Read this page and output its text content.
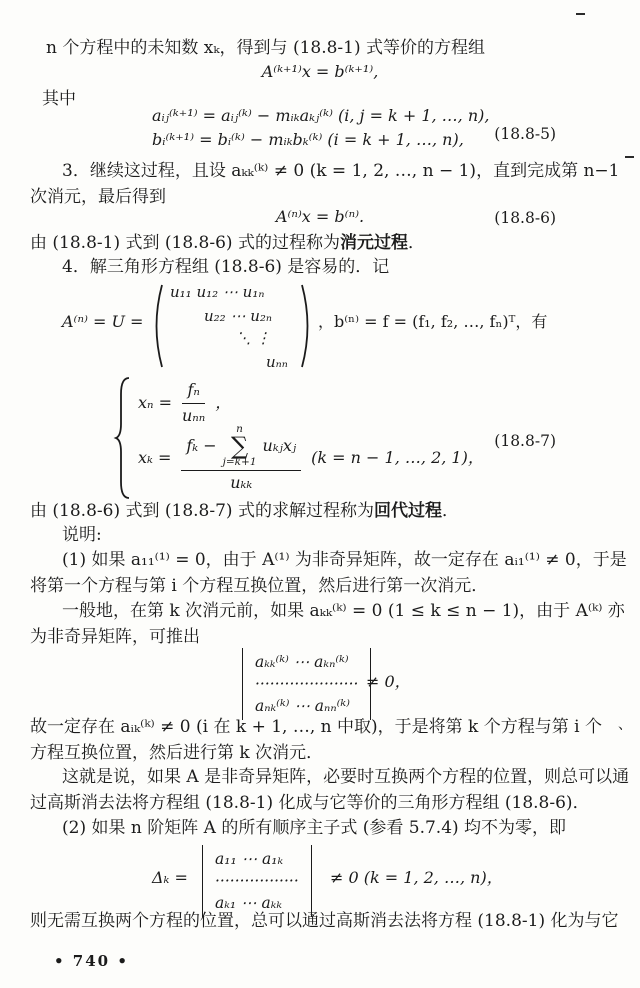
n 个方程中的未知数 xₖ，得到与 (18.8-1) 式等价的方程组
A⁽ᵏ⁺¹⁾x = b⁽ᵏ⁺¹⁾,
其中
aᵢⱼ⁽ᵏ⁺¹⁾ = aᵢⱼ⁽ᵏ⁾ − mᵢₖaₖⱼ⁽ᵏ⁾ (i, j = k + 1, …, n),
bᵢ⁽ᵏ⁺¹⁾ = bᵢ⁽ᵏ⁾ − mᵢₖbₖ⁽ᵏ⁾ (i = k + 1, …, n), (18.8-5)
3．继续这过程，且设 aₖₖ⁽ᵏ⁾ ≠ 0 (k = 1, 2, …, n − 1)，直到完成第 n−1
次消元，最后得到
A⁽ⁿ⁾x = b⁽ⁿ⁾.	(18.8-6)
由 (18.8-1) 式到 (18.8-6) 式的过程称为消元过程．
4．解三角形方程组 (18.8-6) 是容易的．记
A⁽ⁿ⁾ = U =
u₁₁ u₁₂ ⋯ u₁ₙ
u₂₂ ⋯ u₂ₙ
⋱ ⋮
uₙₙ
，b⁽ⁿ⁾ = f = (f₁, f₂, …, fₙ)ᵀ，有
$x_n = \frac{\text{fₙ}}{\text{uₙₙ}}$ ，
xₖ =
fₖ −
n
∑
j=k+1
uₖⱼxⱼ
uₖₖ
(k = n − 1, …, 2, 1)，
(18.8-7)
由 (18.8-6) 式到 (18.8-7) 式的求解过程称为回代过程．
说明:
(1) 如果 a₁₁⁽¹⁾ = 0，由于 A⁽¹⁾ 为非奇异矩阵，故一定存在 aᵢ₁⁽¹⁾ ≠ 0，于是
将第一个方程与第 i 个方程互换位置，然后进行第一次消元．
一般地，在第 k 次消元前，如果 aₖₖ⁽ᵏ⁾ = 0 (1 ≤ k ≤ n − 1)，由于 A⁽ᵏ⁾ 亦
为非奇异矩阵，可推出
aₖₖ⁽ᵏ⁾ ⋯ aₖₙ⁽ᵏ⁾
·····················
aₙₖ⁽ᵏ⁾ ⋯ aₙₙ⁽ᵏ⁾
≠ 0，
故一定存在 aᵢₖ⁽ᵏ⁾ ≠ 0 (i 在 k + 1, …, n 中取)，于是将第 k 个方程与第 i 个
方程互换位置，然后进行第 k 次消元．
这就是说，如果 A 是非奇异矩阵，必要时互换两个方程的位置，则总可以通
过高斯消去法将方程组 (18.8-1) 化成与它等价的三角形方程组 (18.8-6)．
(2) 如果 n 阶矩阵 A 的所有顺序主子式 (参看 5.7.4) 均不为零，即
Δₖ =
a₁₁ ⋯ a₁ₖ
·················
aₖ₁ ⋯ aₖₖ
≠ 0 (k = 1, 2, …, n)，
则无需互换两个方程的位置，总可以通过高斯消去法将方程 (18.8-1) 化为与它
• 740 •
、
